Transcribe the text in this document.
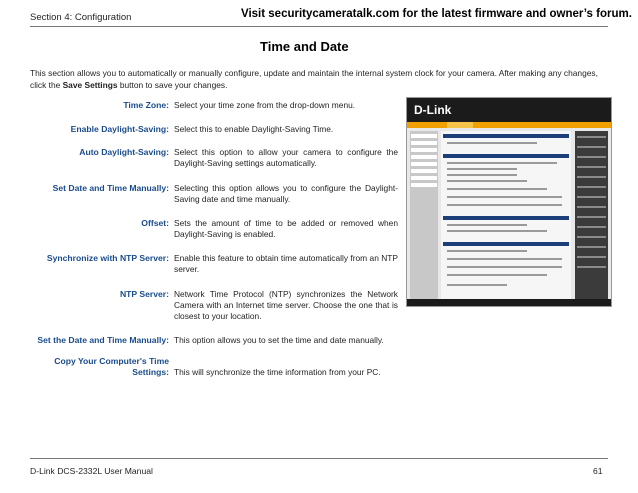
Section 4: Configuration	Visit securitycameratalk.com for the latest firmware and owner’s forum.
Time and Date
This section allows you to automatically or manually configure, update and maintain the internal system clock for your camera. After making any changes, click the Save Settings button to save your changes.
Time Zone: Select your time zone from the drop-down menu.
Enable Daylight-Saving: Select this to enable Daylight-Saving Time.
Auto Daylight-Saving: Select this option to allow your camera to configure the Daylight-Saving settings automatically.
Set Date and Time Manually: Selecting this option allows you to configure the Daylight-Saving date and time manually.
Offset: Sets the amount of time to be added or removed when Daylight-Saving is enabled.
Synchronize with NTP Server: Enable this feature to obtain time automatically from an NTP server.
NTP Server: Network Time Protocol (NTP) synchronizes the Network Camera with an Internet time server. Choose the one that is closest to your location.
Set the Date and Time Manually: This option allows you to set the time and date manually.
Copy Your Computer's Time
Settings: This will synchronize the time information from your PC.
D-Link
D-Link DCS-2332L User Manual	61
